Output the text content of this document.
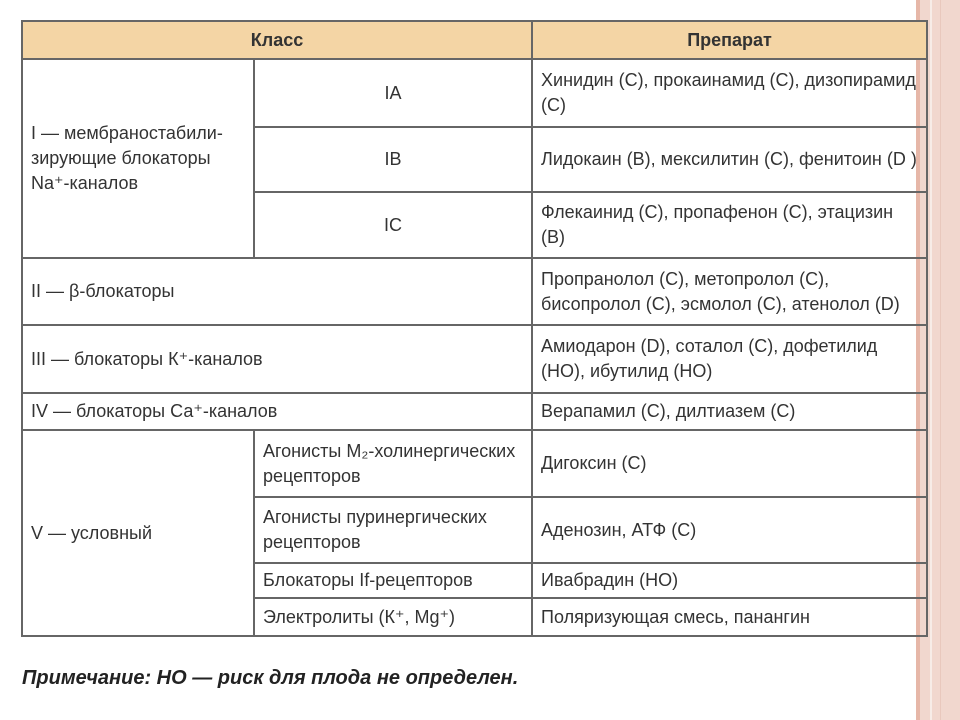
Класс		Препарат
I — мембраностабили-зирующие блокаторы Na⁺-каналов	IA	Хинидин (С), прокаинамид (С), дизопирамид (С)
	IB	Лидокаин (В), мексилитин (С), фенитоин (D )
	IC	Флекаинид (С), пропафенон (С), этацизин (В)
II — β-блокаторы		Пропранолол (С), метопролол (С), бисопролол (С), эсмолол (С), атенолол (D)
III — блокаторы К⁺-каналов		Амиодарон (D), соталол (С), дофетилид (НО), ибутилид (НО)
IV — блокаторы Са⁺-каналов		Верапамил (С), дилтиазем (С)
V — условный	Агонисты М₂-холинергических рецепторов	Дигоксин (С)
	Агонисты пуринергических рецепторов	Аденозин, АТФ (С)
	Блокаторы If-рецепторов	Ивабрадин (НО)
	Электролиты (К⁺, Mg⁺)	Поляризующая смесь, панангин
Примечание: НО — риск для плода не определен.
